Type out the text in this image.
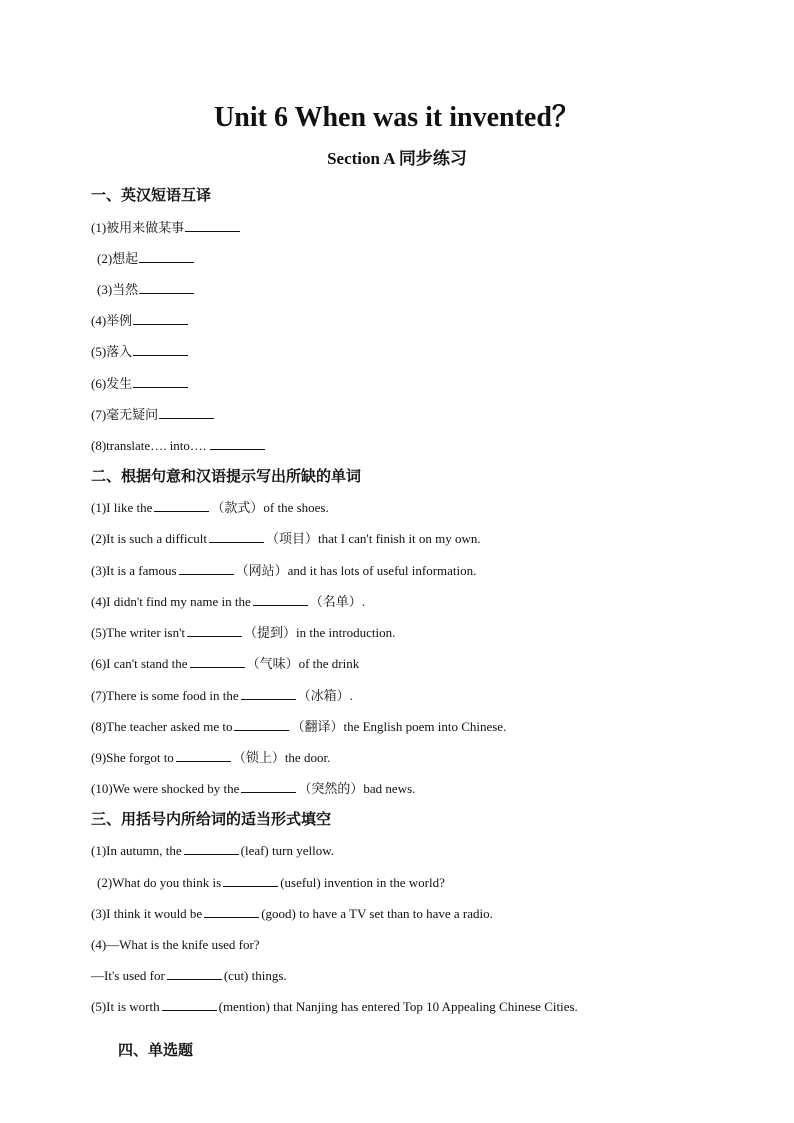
Unit 6 When was it invented？
Section A 同步练习
一、英汉短语互译
(1)被用来做某事
(2)想起
(3)当然
(4)举例
(5)落入
(6)发生
(7)毫无疑问
(8)translate…. into….
二、根据句意和汉语提示写出所缺的单词
(1)I like the	（款式）of the shoes.
(2)It is such a difficult	（项目）that I can't finish it on my own.
(3)It is a famous	（网站）and it has lots of useful information.
(4)I didn't find my name in the	（名单）.
(5)The writer isn't	（提到）in the introduction.
(6)I can't stand the	（气味）of the drink
(7)There is some food in the	（冰箱）.
(8)The teacher asked me to	（翻译）the English poem into Chinese.
(9)She forgot to	（锁上）the door.
(10)We were shocked by the	（突然的）bad news.
三、用括号内所给词的适当形式填空
(1)In autumn, the	(leaf) turn yellow.
(2)What do you think is	(useful) invention in the world?
(3)I think it would be	(good) to have a TV set than to have a radio.
(4)—What is the knife used for?
—It's used for	(cut) things.
(5)It is worth	(mention) that Nanjing has entered Top 10 Appealing Chinese Cities.
四、单选题
